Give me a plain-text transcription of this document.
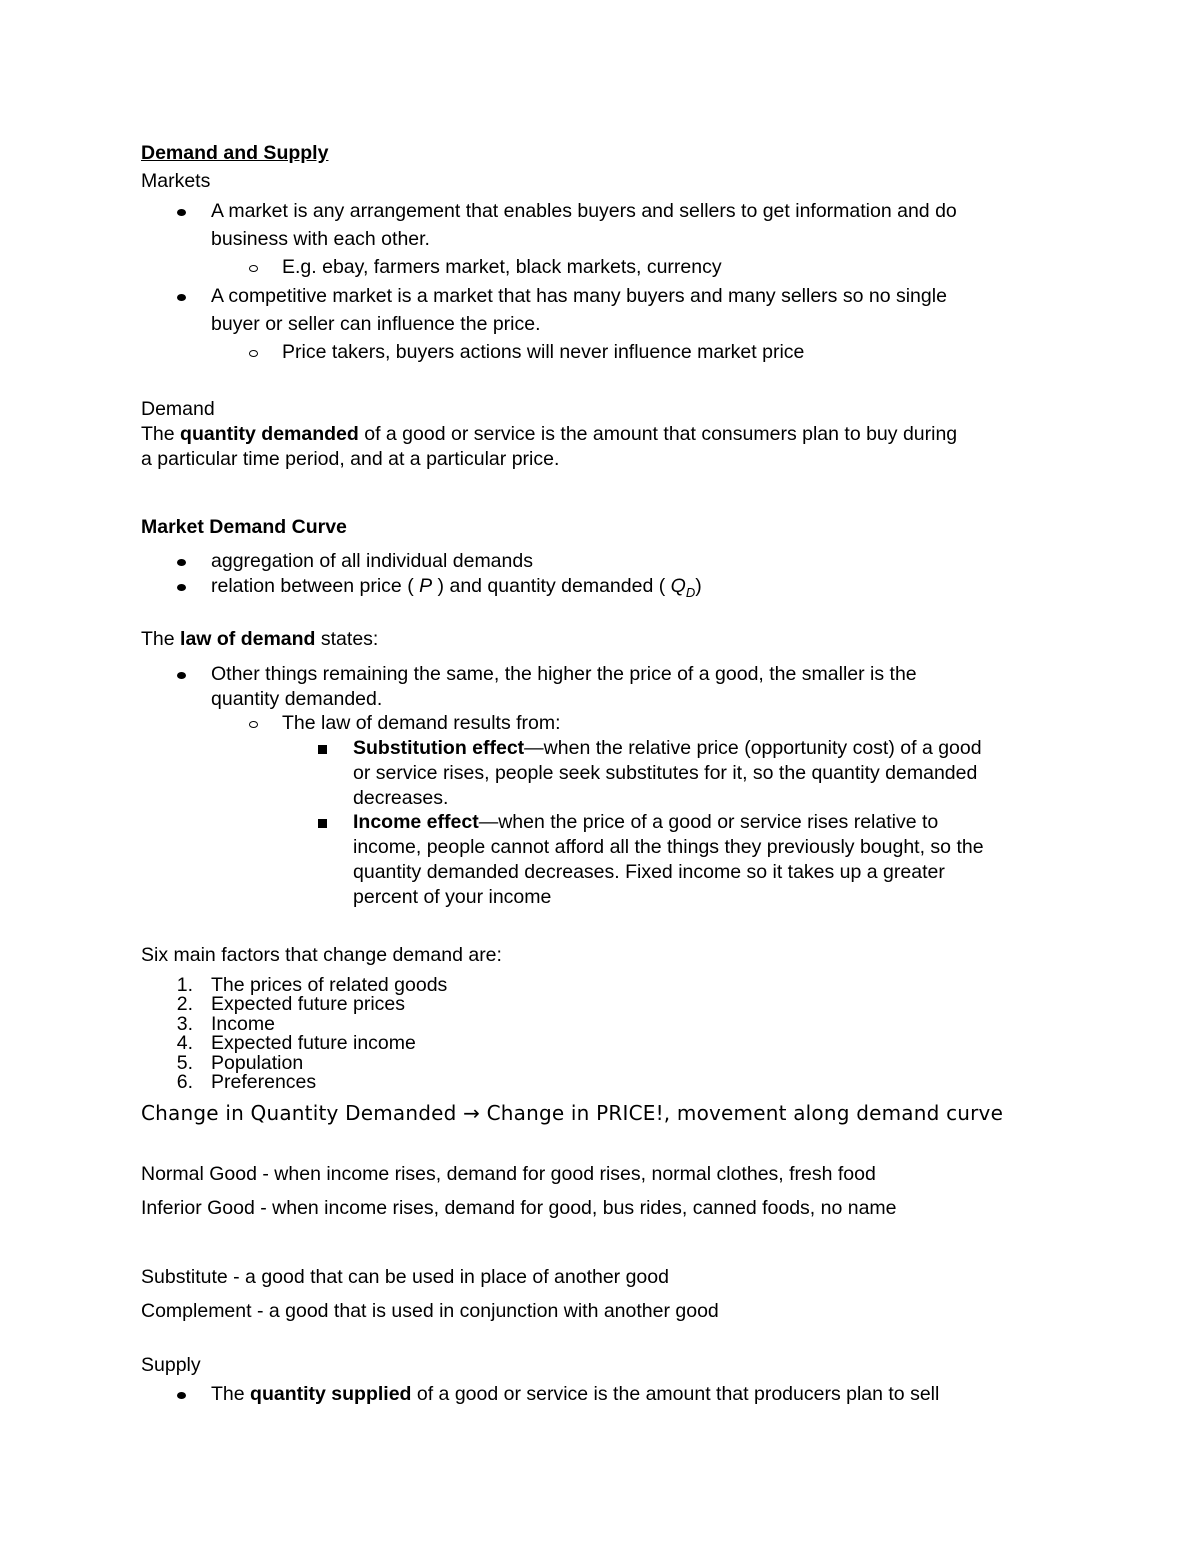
Demand and Supply
Markets
A market is any arrangement that enables buyers and sellers to get information and do
business with each other.
E.g. ebay, farmers market, black markets, currency
A competitive market is a market that has many buyers and many sellers so no single
buyer or seller can influence the price.
Price takers, buyers actions will never influence market price
Demand
The quantity demanded of a good or service is the amount that consumers plan to buy during
a particular time period, and at a particular price.
Market Demand Curve
aggregation of all individual demands
relation between price ( P ) and quantity demanded ( $Q_D$)
The law of demand states:
Other things remaining the same, the higher the price of a good, the smaller is the
quantity demanded.
The law of demand results from:
Substitution effect—when the relative price (opportunity cost) of a good
or service rises, people seek substitutes for it, so the quantity demanded
decreases.
Income effect—when the price of a good or service rises relative to
income, people cannot afford all the things they previously bought, so the
quantity demanded decreases. Fixed income so it takes up a greater
percent of your income
Six main factors that change demand are:
1. The prices of related goods
2. Expected future prices
3. Income
4. Expected future income
5. Population
6. Preferences
Change in Quantity Demanded → Change in PRICE!, movement along demand curve
Normal Good - when income rises, demand for good rises, normal clothes, fresh food
Inferior Good - when income rises, demand for good, bus rides, canned foods, no name
Substitute - a good that can be used in place of another good
Complement - a good that is used in conjunction with another good
Supply
The quantity supplied of a good or service is the amount that producers plan to sell
